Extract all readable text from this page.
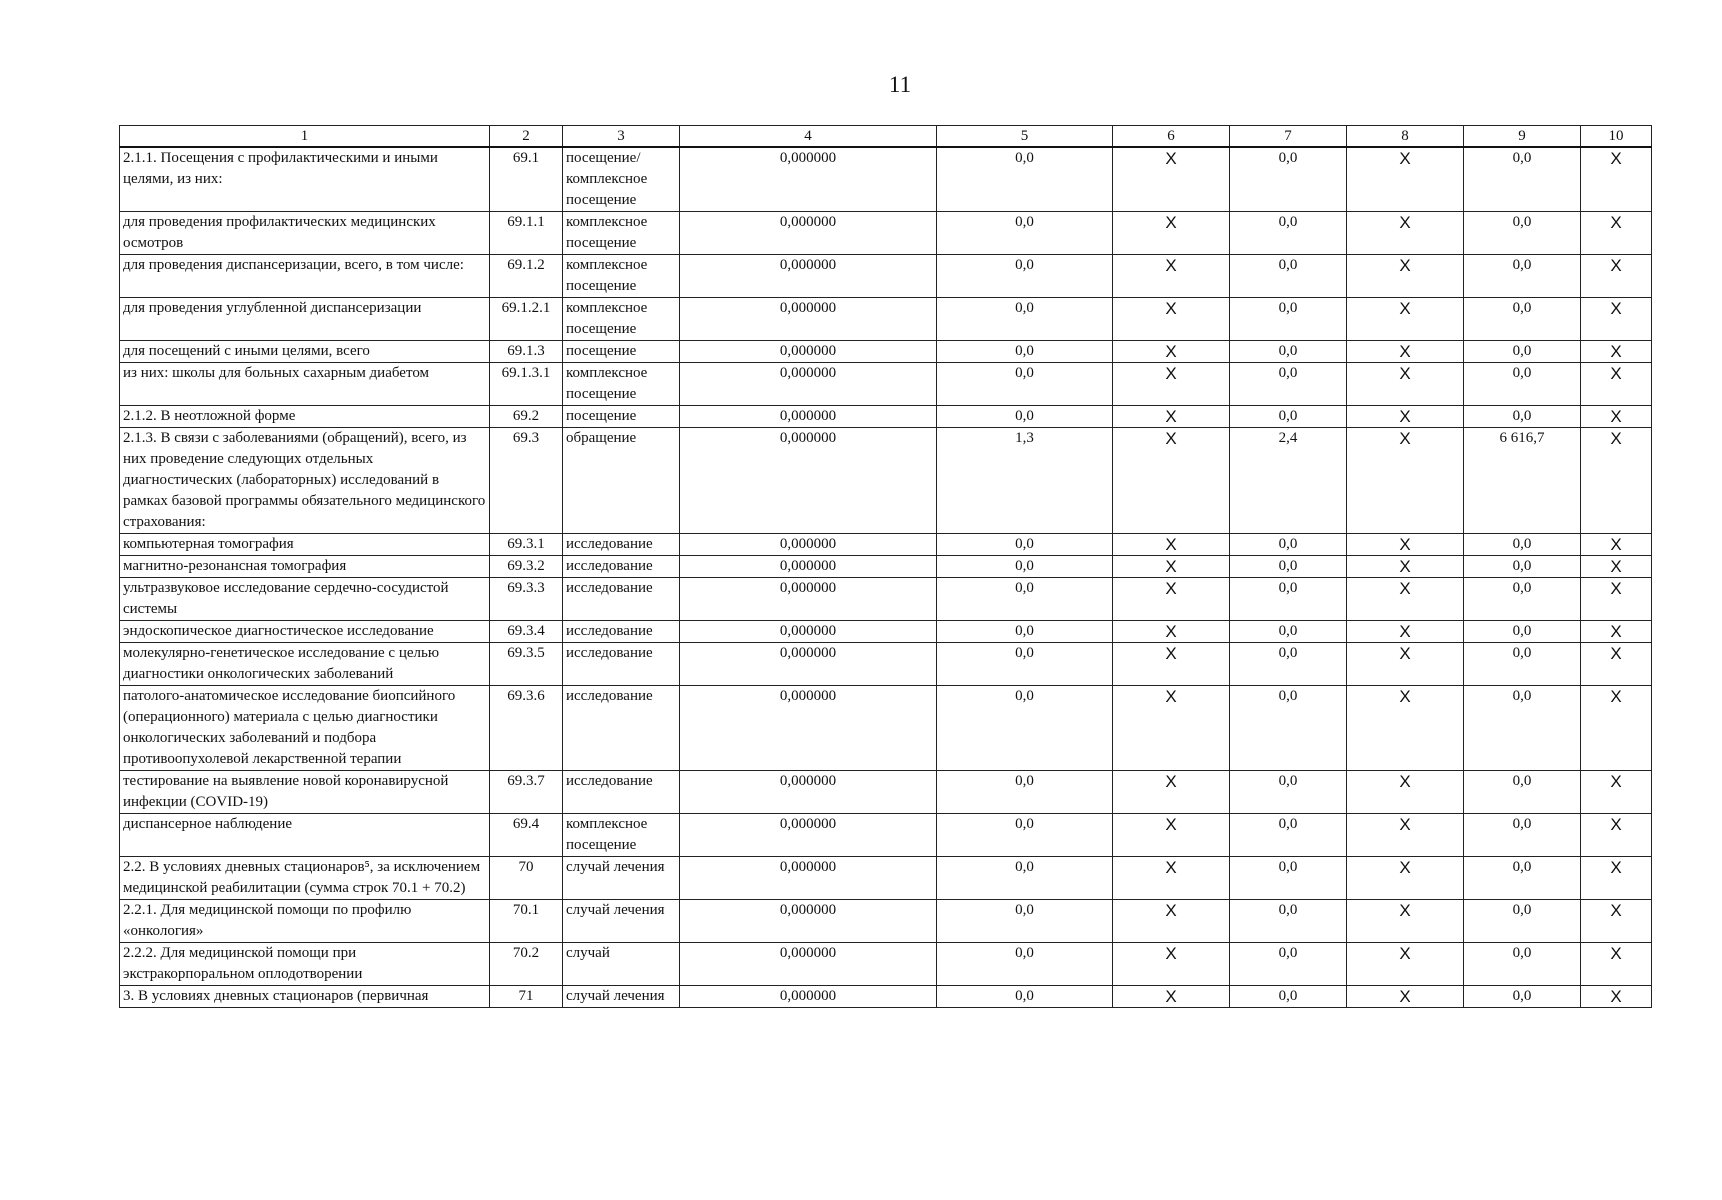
11
1	2	3	4	5	6	7	8	9	10
2.1.1. Посещения с профилактическими и иными целями, из них:	69.1	посещение/ комплексное посещение	0,000000	0,0	X	0,0	X	0,0	X
для проведения профилактических медицинских осмотров	69.1.1	комплексное посещение	0,000000	0,0	X	0,0	X	0,0	X
для проведения диспансеризации, всего, в том числе:	69.1.2	комплексное посещение	0,000000	0,0	X	0,0	X	0,0	X
для проведения углубленной диспансеризации	69.1.2.1	комплексное посещение	0,000000	0,0	X	0,0	X	0,0	X
для посещений с иными целями, всего	69.1.3	посещение	0,000000	0,0	X	0,0	X	0,0	X
из них: школы для больных сахарным диабетом	69.1.3.1	комплексное посещение	0,000000	0,0	X	0,0	X	0,0	X
2.1.2. В неотложной форме	69.2	посещение	0,000000	0,0	X	0,0	X	0,0	X
2.1.3. В связи с заболеваниями (обращений), всего, из них проведение следующих отдельных диагностических (лабораторных) исследований в рамках базовой программы обязательного медицинского страхования:	69.3	обращение	0,000000	1,3	X	2,4	X	6 616,7	X
компьютерная томография	69.3.1	исследование	0,000000	0,0	X	0,0	X	0,0	X
магнитно-резонансная томография	69.3.2	исследование	0,000000	0,0	X	0,0	X	0,0	X
ультразвуковое исследование сердечно-сосудистой системы	69.3.3	исследование	0,000000	0,0	X	0,0	X	0,0	X
эндоскопическое диагностическое исследование	69.3.4	исследование	0,000000	0,0	X	0,0	X	0,0	X
молекулярно-генетическое исследование с целью диагностики онкологических заболеваний	69.3.5	исследование	0,000000	0,0	X	0,0	X	0,0	X
патолого-анатомическое исследование биопсийного (операционного) материала с целью диагностики онкологических заболеваний и подбора противоопухолевой лекарственной терапии	69.3.6	исследование	0,000000	0,0	X	0,0	X	0,0	X
тестирование на выявление новой коронавирусной инфекции (COVID-19)	69.3.7	исследование	0,000000	0,0	X	0,0	X	0,0	X
диспансерное наблюдение	69.4	комплексное посещение	0,000000	0,0	X	0,0	X	0,0	X
2.2. В условиях дневных стационаров⁵, за исключением медицинской реабилитации (сумма строк 70.1 + 70.2)	70	случай лечения	0,000000	0,0	X	0,0	X	0,0	X
2.2.1. Для медицинской помощи по профилю «онкология»	70.1	случай лечения	0,000000	0,0	X	0,0	X	0,0	X
2.2.2. Для медицинской помощи при экстракорпоральном оплодотворении	70.2	случай	0,000000	0,0	X	0,0	X	0,0	X
3. В условиях дневных стационаров (первичная	71	случай лечения	0,000000	0,0	X	0,0	X	0,0	X
